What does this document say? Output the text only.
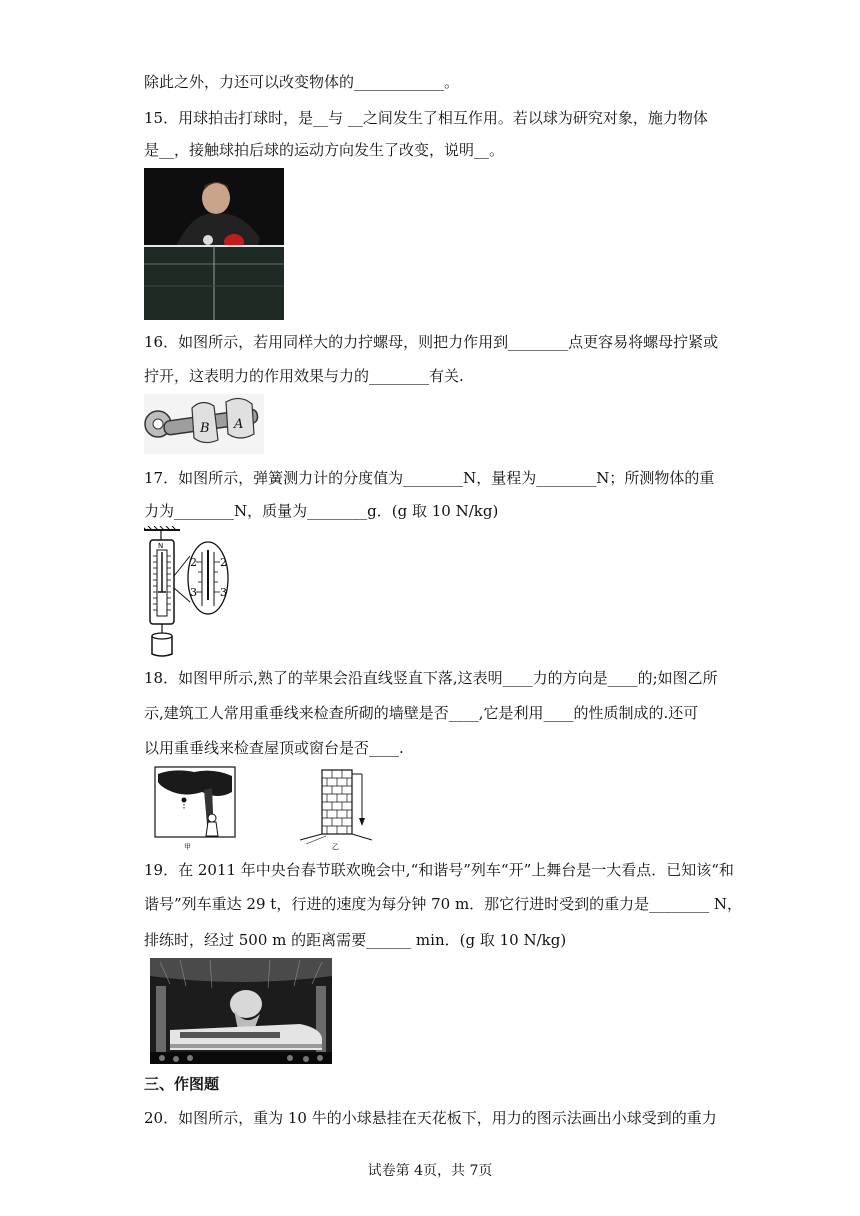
除此之外，力还可以改变物体的____________。
15．用球拍击打球时，是__与 __之间发生了相互作用。若以球为研究对象，施力物体
是__，接触球拍后球的运动方向发生了改变，说明__。
16．如图所示，若用同样大的力拧螺母，则把力作用到________点更容易将螺母拧紧或
拧开，这表明力的作用效果与力的________有关.
B A
17．如图所示，弹簧测力计的分度值为________N，量程为________N；所测物体的重
力为________N，质量为________g．(g 取 10 N/kg)
N
2 2
3 3
18．如图甲所示,熟了的苹果会沿直线竖直下落,这表明____力的方向是____的;如图乙所
示,建筑工人常用重垂线来检查所砌的墙壁是否____,它是利用____的性质制成的.还可
以用重垂线来检查屋顶或窗台是否____.
甲	乙
19．在 2011 年中央台春节联欢晚会中,“和谐号”列车“开”上舞台是一大看点．已知该“和
谐号”列车重达 29 t，行进的速度为每分钟 70 m．那它行进时受到的重力是________ N，
排练时，经过 500 m 的距离需要______ min．(g 取 10 N/kg)
三、作图题
20．如图所示，重为 10 牛的小球悬挂在天花板下，用力的图示法画出小球受到的重力
试卷第 4页，共 7页
